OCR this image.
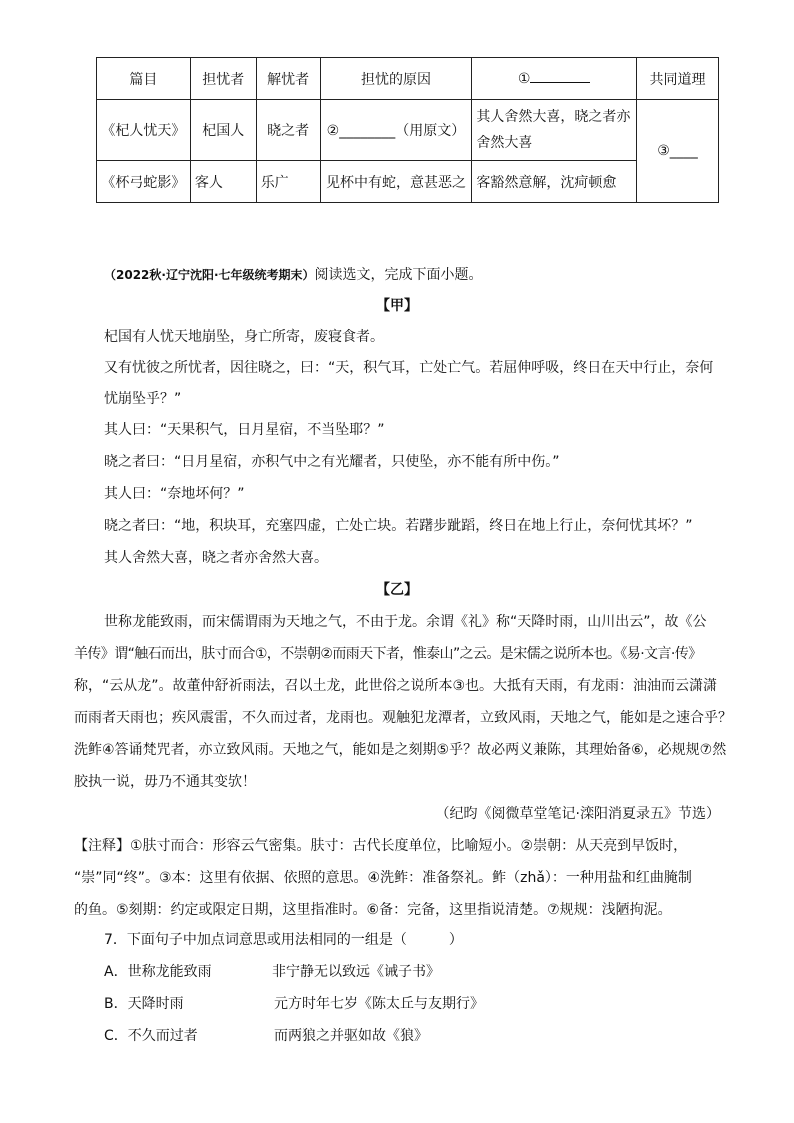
篇目	担忧者	解忧者	担忧的原因	①	共同道理
《杞人忧天》	杞国人	晓之者	②________（用原文）	其人舍然大喜，晓之者亦
舍然大喜	③____
《杯弓蛇影》	客人	乐广	见杯中有蛇，意甚恶之	客豁然意解，沈疴顿愈	
（2022秋·辽宁沈阳·七年级统考期末）阅读选文，完成下面小题。
【甲】
杞国有人忧天地崩坠，身亡所寄，废寝食者。
又有忧彼之所忧者，因往晓之，曰：“天，积气耳，亡处亡气。若屈伸呼吸，终日在天中行止，奈何
忧崩坠乎？”
其人曰：“天果积气，日月星宿，不当坠耶？”
晓之者曰：“日月星宿，亦积气中之有光耀者，只使坠，亦不能有所中伤。”
其人曰：“奈地坏何？”
晓之者曰：“地，积块耳，充塞四虚，亡处亡块。若躇步跐蹈，终日在地上行止，奈何忧其坏？”
其人舍然大喜，晓之者亦舍然大喜。
【乙】
世称龙能致雨，而宋儒谓雨为天地之气，不由于龙。余谓《礼》称“天降时雨，山川出云”，故《公
羊传》谓“触石而出，肤寸而合①，不崇朝②而雨天下者，惟泰山”之云。是宋儒之说所本也。《易·文言·传》
称，“云从龙”。故董仲舒祈雨法，召以土龙，此世俗之说所本③也。大抵有天雨，有龙雨：油油而云潇潇
而雨者天雨也；疾风震雷，不久而过者，龙雨也。观触犯龙潭者，立致风雨，天地之气，能如是之速合乎？
洗鲊④答诵梵咒者，亦立致风雨。天地之气，能如是之刻期⑤乎？故必两义兼陈，其理始备⑥，必规规⑦然
胶执一说，毋乃不通其变欤！
（纪昀《阅微草堂笔记·滦阳消夏录五》节选）
【注释】①肤寸而合：形容云气密集。肤寸：古代长度单位，比喻短小。②崇朝：从天亮到早饭时，
“崇”同“终”。③本：这里有依据、依照的意思。④洗鲊：准备祭礼。鲊（zhǎ）：一种用盐和红曲腌制
的鱼。⑤刻期：约定或限定日期，这里指准时。⑥备：完备，这里指说清楚。⑦规规：浅陋拘泥。
7．下面句子中加点词意思或用法相同的一组是（　　　）
A．世称龙能致雨	非宁静无以致远《诫子书》
B．天降时雨	元方时年七岁《陈太丘与友期行》
C．不久而过者	而两狼之并驱如故《狼》
